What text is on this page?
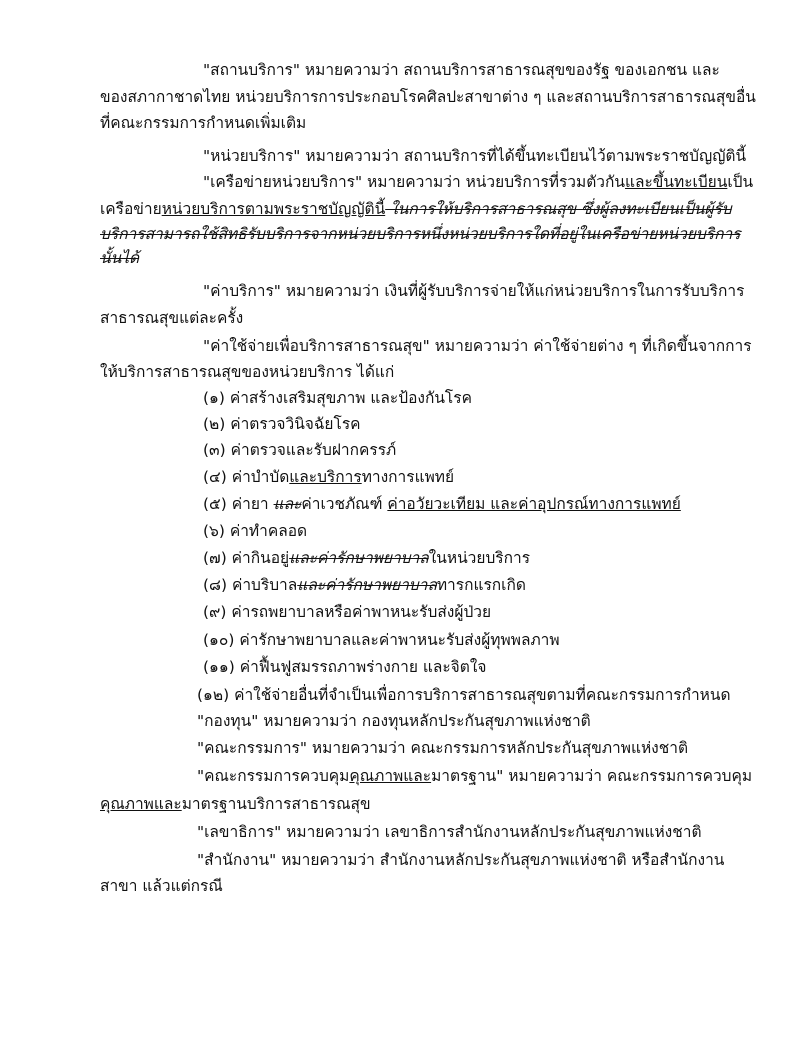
"สถานบริการ" หมายความว่า สถานบริการสาธารณสุขของรัฐ ของเอกชน และ
ของสภากาชาดไทย หน่วยบริการการประกอบโรคศิลปะสาขาต่าง ๆ และสถานบริการสาธารณสุขอื่น
ที่คณะกรรมการกำหนดเพิ่มเติม
"หน่วยบริการ" หมายความว่า สถานบริการที่ได้ขึ้นทะเบียนไว้ตามพระราชบัญญัตินี้
"เครือข่ายหน่วยบริการ" หมายความว่า หน่วยบริการที่รวมตัวกันและขึ้นทะเบียนเป็น
เครือข่ายหน่วยบริการตามพระราชบัญญัตินี้ ในการให้บริการสาธารณสุข ซึ่งผู้ลงทะเบียนเป็นผู้รับ
บริการสามารถใช้สิทธิรับบริการจากหน่วยบริการหนึ่งหน่วยบริการใดที่อยู่ในเครือข่ายหน่วยบริการ
นั้นได้
"ค่าบริการ" หมายความว่า เงินที่ผู้รับบริการจ่ายให้แก่หน่วยบริการในการรับบริการ
สาธารณสุขแต่ละครั้ง
"ค่าใช้จ่ายเพื่อบริการสาธารณสุข" หมายความว่า ค่าใช้จ่ายต่าง ๆ ที่เกิดขึ้นจากการ
ให้บริการสาธารณสุขของหน่วยบริการ ได้แก่
(๑) ค่าสร้างเสริมสุขภาพ และป้องกันโรค
(๒) ค่าตรวจวินิจฉัยโรค
(๓) ค่าตรวจและรับฝากครรภ์
(๔) ค่าบำบัดและบริการทางการแพทย์
(๕) ค่ายา และค่าเวชภัณฑ์ ค่าอวัยวะเทียม และค่าอุปกรณ์ทางการแพทย์
(๖) ค่าทำคลอด
(๗) ค่ากินอยู่และค่ารักษาพยาบาลในหน่วยบริการ
(๘) ค่าบริบาลและค่ารักษาพยาบาลทารกแรกเกิด
(๙) ค่ารถพยาบาลหรือค่าพาหนะรับส่งผู้ป่วย
(๑๐) ค่ารักษาพยาบาลและค่าพาหนะรับส่งผู้ทุพพลภาพ
(๑๑) ค่าฟื้นฟูสมรรถภาพร่างกาย และจิตใจ
(๑๒) ค่าใช้จ่ายอื่นที่จำเป็นเพื่อการบริการสาธารณสุขตามที่คณะกรรมการกำหนด
"กองทุน" หมายความว่า กองทุนหลักประกันสุขภาพแห่งชาติ
"คณะกรรมการ" หมายความว่า คณะกรรมการหลักประกันสุขภาพแห่งชาติ
"คณะกรรมการควบคุมคุณภาพและมาตรฐาน" หมายความว่า คณะกรรมการควบคุม
คุณภาพและมาตรฐานบริการสาธารณสุข
"เลขาธิการ" หมายความว่า เลขาธิการสำนักงานหลักประกันสุขภาพแห่งชาติ
"สำนักงาน" หมายความว่า สำนักงานหลักประกันสุขภาพแห่งชาติ หรือสำนักงาน
สาขา แล้วแต่กรณี
